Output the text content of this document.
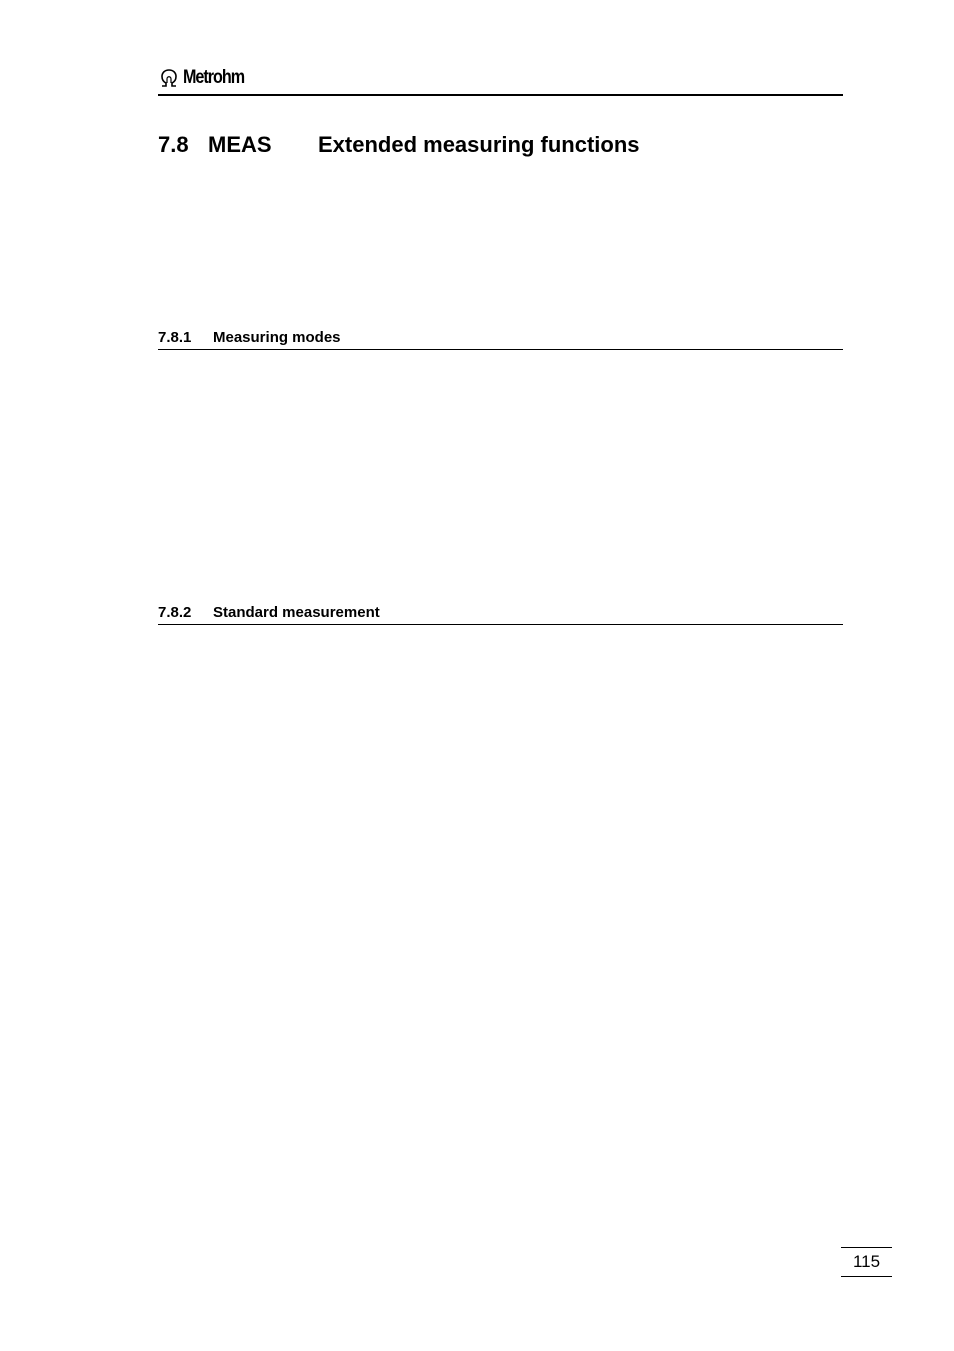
Metrohm
7.8 MEAS Extended measuring functions
7.8.1 Measuring modes
7.8.2 Standard measurement
115
